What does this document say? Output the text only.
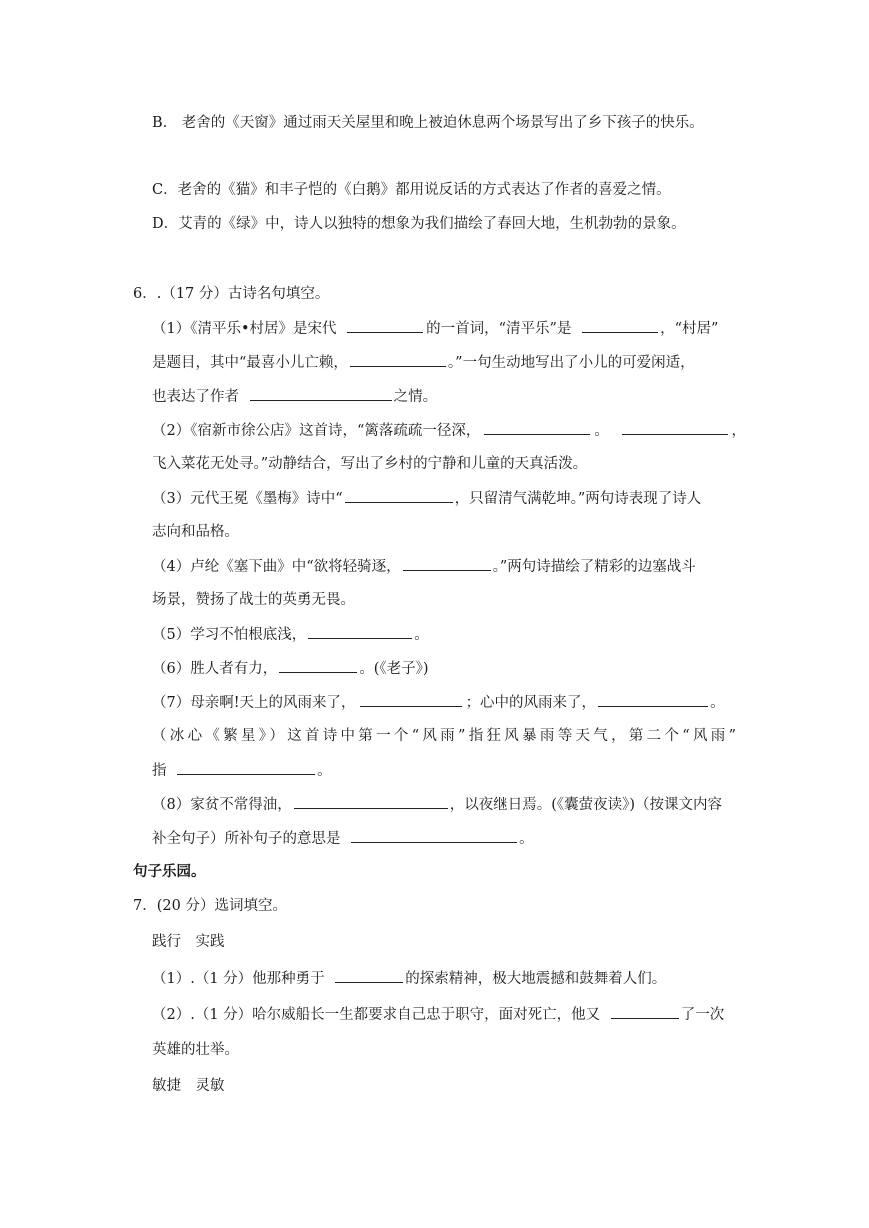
B.　老舍的《天窗》通过雨天关屋里和晚上被迫休息两个场景写出了乡下孩子的快乐。
C．老舍的《猫》和丰子恺的《白鹅》都用说反话的方式表达了作者的喜爱之情。
D．艾青的《绿》中，诗人以独特的想象为我们描绘了春回大地，生机勃勃的景象。
6．.（17 分）古诗名句填空。
（1）《清平乐•村居》是宋代	的一首词，“清平乐”是	，“村居”
是题目，其中“最喜小儿亡赖，	。”一句生动地写出了小儿的可爱闲适，
也表达了作者	之情。
（2）《宿新市徐公店》这首诗，“篱落疏疏一径深，	。	，
飞入菜花无处寻。”动静结合，写出了乡村的宁静和儿童的天真活泼。
（3）元代王冕《墨梅》诗中“	，只留清气满乾坤。”两句诗表现了诗人
志向和品格。
（4）卢纶《塞下曲》中“欲将轻骑逐，	。”两句诗描绘了精彩的边塞战斗
场景，赞扬了战士的英勇无畏。
（5）学习不怕根底浅，	。
（6）胜人者有力，	。(《老子》)
（7）母亲啊!天上的风雨来了，	；心中的风雨来了，	。
（冰心《繁星》）这首诗中第一个“风雨”指狂风暴雨等天气，第二个“风雨”
指	。
（8）家贫不常得油，	，以夜继日焉。(《囊萤夜读》)（按课文内容
补全句子）所补句子的意思是	。
句子乐园。
7．(20 分）选词填空。
践行　实践
（1）.（1 分）他那种勇于	的探索精神，极大地震撼和鼓舞着人们。
（2）.（1 分）哈尔威船长一生都要求自己忠于职守，面对死亡，他又	了一次
英雄的壮举。
敏捷　灵敏
